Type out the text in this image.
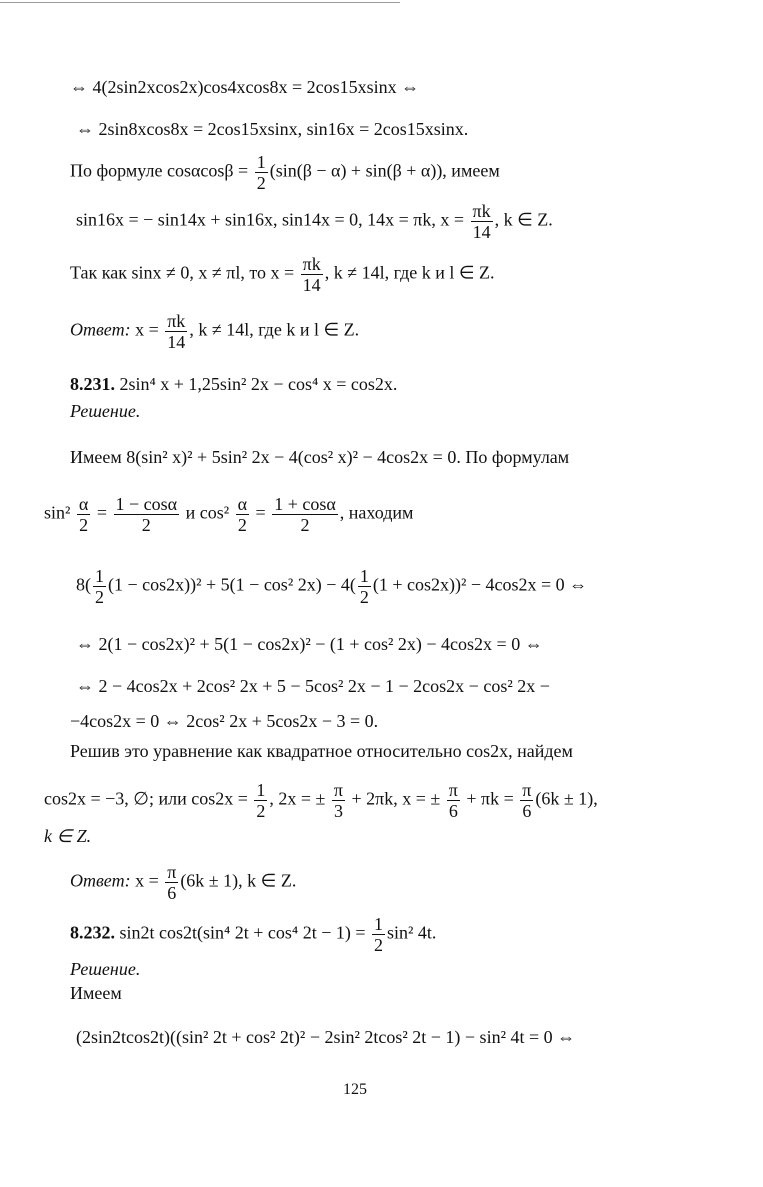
⇔ 4(2sin2xcos2x)cos4xcos8x = 2cos15xsinx ⇔
⇔ 2sin8xcos8x = 2cos15xsinx, sin16x = 2cos15xsinx.
По формуле $\cos\alpha\cos\beta = \frac{1}{2} (\sin(\beta - \alpha) + \sin(\beta + \alpha))$, имеем
sin16x = − sin14x + sin16x, sin14x = 0, 14x = πk, $x = \frac{\pi k}{14}$ , k ∈ Z.
Так как sinx ≠ 0, x ≠ πl, то $x = \frac{\pi k}{14}$ , k ≠ 14l, где k и l ∈ Z.
Ответ: $x = \frac{\pi k}{14}$ , k ≠ 14l, где k и l ∈ Z.
8.231. 2sin⁴ x + 1,25sin² 2x − cos⁴ x = cos2x.
Решение.
Имеем 8(sin² x)² + 5sin² 2x − 4(cos² x)² − 4cos2x = 0. По формулам
$\sin^2 \frac{\alpha}{2} = \frac{1 - \cos\alpha}{2}$ и $\cos^2 \frac{\alpha}{2} = \frac{1 + \cos\alpha}{2}$ , находим
$8( \frac{1}{2} (1 - \cos 2x))^2 + 5(1 - \cos^2$ $2x) - 4( \frac{1}{2} (1 + \cos 2x))^2 - 4\cos 2x = 0$ ⇔
⇔ 2(1 − cos2x)² + 5(1 − cos2x)² − (1 + cos² 2x) − 4cos2x = 0 ⇔
⇔ 2 − 4cos2x + 2cos² 2x + 5 − 5cos² 2x − 1 − 2cos2x − cos² 2x −
−4cos2x = 0 ⇔ 2cos² 2x + 5cos2x − 3 = 0.
Решив это уравнение как квадратное относительно cos2x, найдем
cos2x = −3, ∅; или $\cos 2x = \frac{1}{2}$ , 2x = ± $\frac{\pi}{3} + 2\pi k$, x = ± $\frac{\pi}{6} + \pi k = \frac{\pi}{6} (6k \pm 1)$,
k ∈ Z.
Ответ: $x = \frac{\pi}{6} (6k \pm 1)$, k ∈ Z.
8.232. sin2t cos2t(sin⁴ 2t + cos⁴ $2t - 1) = \frac{1}{2} \sin^2$ 4t.
Решение.
Имеем
(2sin2tcos2t)((sin² 2t + cos² 2t)² − 2sin² 2tcos² 2t − 1) − sin² 4t = 0 ⇔
125
